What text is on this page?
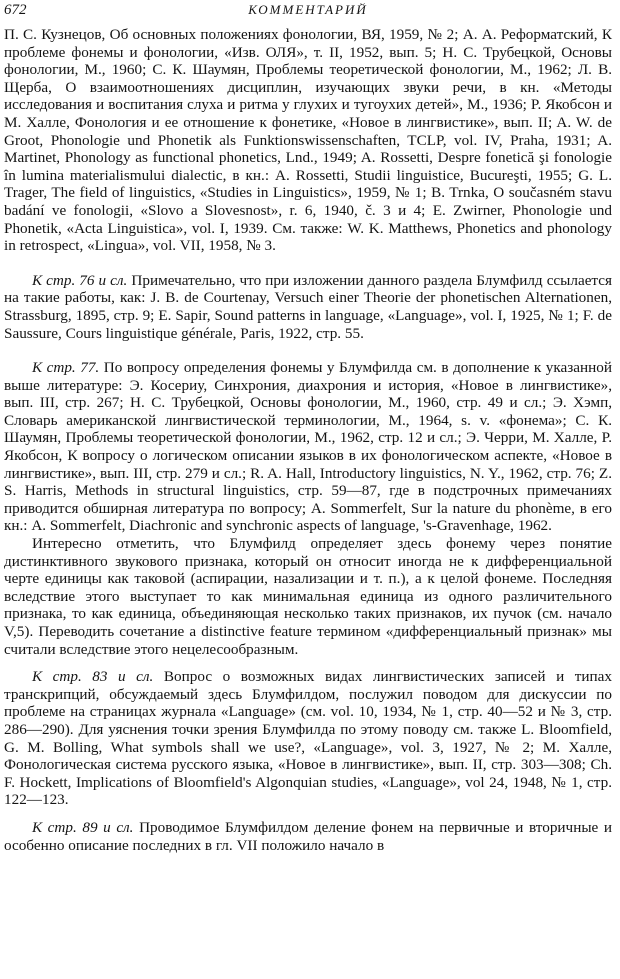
672	КОММЕНТАРИЙ

П. С. Кузнецов, Об основных положениях фонологии, ВЯ, 1959, № 2; А. А. Реформатский, К проблеме фонемы и фонологии, «Изв. ОЛЯ», т. II, 1952, вып. 5; Н. С. Трубецкой, Основы фонологии, М., 1960; С. К. Шаумян, Проблемы теоретической фонологии, М., 1962; Л. В. Щерба, О взаимоотношениях дисциплин, изучающих звуки речи, в кн. «Методы исследования и воспитания слуха и ритма у глухих и тугоухих детей», М., 1936; Р. Якобсон и М. Халле, Фонология и ее отношение к фонетике, «Новое в лингвистике», вып. II; A. W. de Groot, Phonologie und Phonetik als Funktionswissenschaften, TCLP, vol. IV, Praha, 1931; A. Martinet, Phonology as functional phonetics, Lnd., 1949; A. Rossetti, Despre fonetică şi fonologie în lumina materialismului dialectic, в кн.: A. Rossetti, Studii linguistice, Bucureşti, 1955; G. L. Trager, The field of linguistics, «Studies in Linguistics», 1959, № 1; B. Trnka, O současném stavu badání ve fonologii, «Slovo a Slovesnost», r. 6, 1940, č. 3 и 4; E. Zwirner, Phonologie und Phonetik, «Acta Linguistica», vol. I, 1939. См. также: W. K. Matthews, Phonetics and phonology in retrospect, «Lingua», vol. VII, 1958, № 3.

К стр. 76 и сл. Примечательно, что при изложении данного раздела Блумфилд ссылается на такие работы, как: J. B. de Courtenay, Versuch einer Theorie der phonetischen Alternationen, Strassburg, 1895, стр. 9; E. Sapir, Sound patterns in language, «Language», vol. I, 1925, № 1; F. de Saussure, Cours linguistique générale, Paris, 1922, стр. 55.

К стр. 77. По вопросу определения фонемы у Блумфилда см. в дополнение к указанной выше литературе: Э. Косериу, Синхрония, диахрония и история, «Новое в лингвистике», вып. III, стр. 267; Н. С. Трубецкой, Основы фонологии, М., 1960, стр. 49 и сл.; Э. Хэмп, Словарь американской лингвистической терминологии, М., 1964, s. v. «фонема»; С. К. Шаумян, Проблемы теоретической фонологии, М., 1962, стр. 12 и сл.; Э. Черри, М. Халле, Р. Якобсон, К вопросу о логическом описании языков в их фонологическом аспекте, «Новое в лингвистике», вып. III, стр. 279 и сл.; R. A. Hall, Introductory linguistics, N. Y., 1962, стр. 76; Z. S. Harris, Methods in structural linguistics, стр. 59—87, где в подстрочных примечаниях приводится обширная литература по вопросу; A. Sommerfelt, Sur la nature du phonème, в его кн.: A. Sommerfelt, Diachronic and synchronic aspects of language, 's-Gravenhage, 1962.

Интересно отметить, что Блумфилд определяет здесь фонему через понятие дистинктивного звукового признака, который он относит иногда не к дифференциальной черте единицы как таковой (аспирации, назализации и т. п.), а к целой фонеме. Последняя вследствие этого выступает то как минимальная единица из одного различительного признака, то как единица, объединяющая несколько таких признаков, их пучок (см. начало V,5). Переводить сочетание a distinctive feature термином «дифференциальный признак» мы считали вследствие этого нецелесообразным.

К стр. 83 и сл. Вопрос о возможных видах лингвистических записей и типах транскрипций, обсуждаемый здесь Блумфилдом, послужил поводом для дискуссии по проблеме на страницах журнала «Language» (см. vol. 10, 1934, № 1, стр. 40—52 и № 3, стр. 286—290). Для уяснения точки зрения Блумфилда по этому поводу см. также L. Bloomfield, G. M. Bolling, What symbols shall we use?, «Language», vol. 3, 1927, № 2; М. Халле, Фонологическая система русского языка, «Новое в лингвистике», вып. II, стр. 303—308; Ch. F. Hockett, Implications of Bloomfield's Algonquian studies, «Language», vol 24, 1948, № 1, стр. 122—123.

К стр. 89 и сл. Проводимое Блумфилдом деление фонем на первичные и вторичные и особенно описание последних в гл. VII положило начало в
